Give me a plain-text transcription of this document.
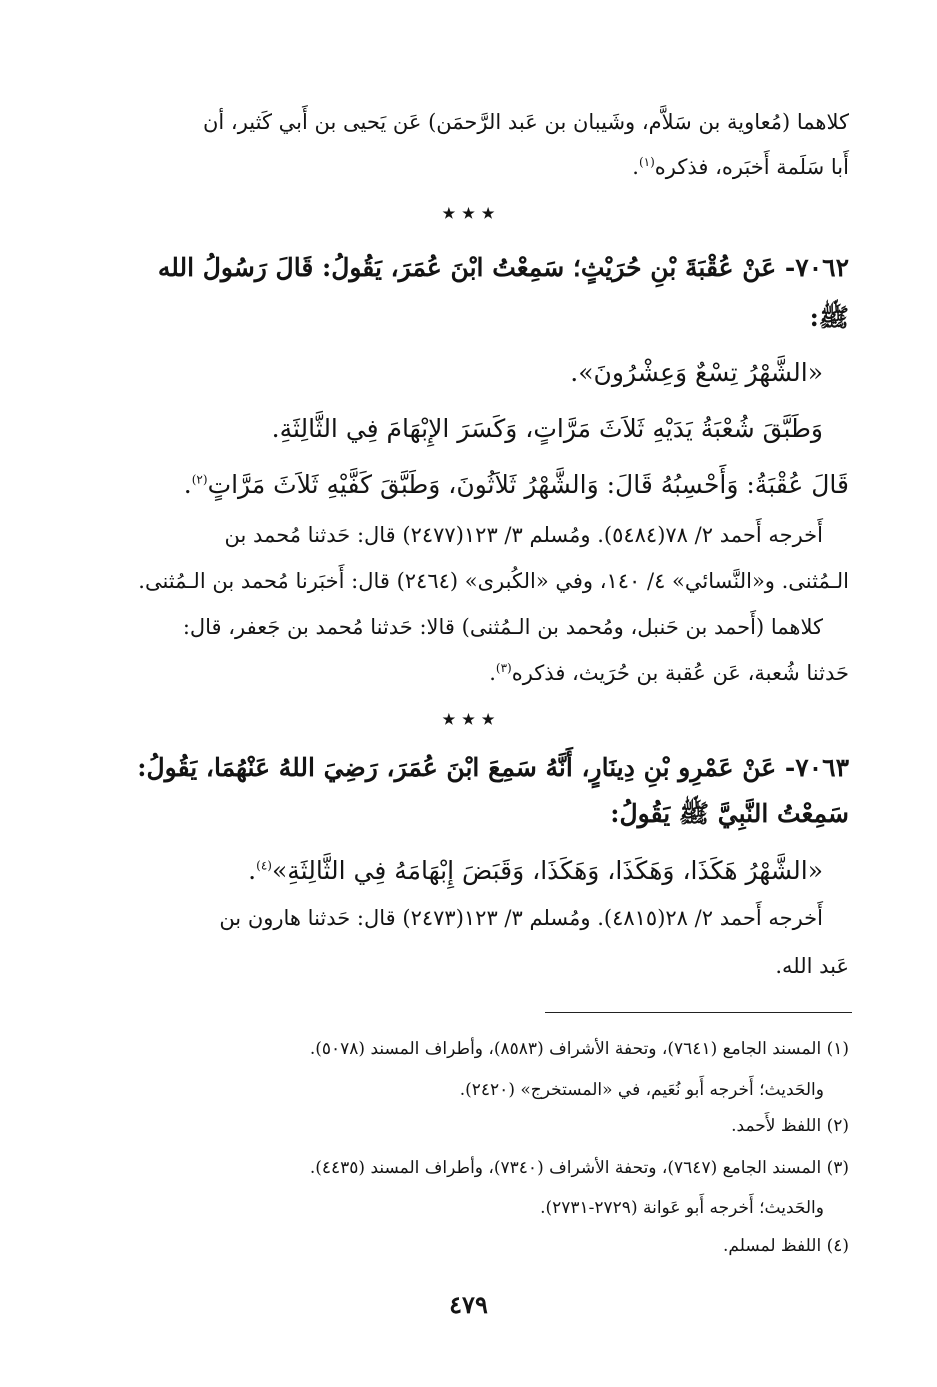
كلاهما (مُعاوية بن سَلاَّم، وشَيبان بن عَبد الرَّحمَن) عَن يَحيى بن أَبي كَثير، أن
أَبا سَلَمة أَخبَره، فذكره$^{(١)}$.
٭ ٭ ٭
٧٠٦٢- عَنْ عُقْبَةَ بْنِ حُرَيْثٍ؛ سَمِعْتُ ابْنَ عُمَرَ، يَقُولُ: قَالَ رَسُولُ الله
ﷺ:
«الشَّهْرُ تِسْعٌ وَعِشْرُونَ».
وَطَبَّقَ شُعْبَةُ يَدَيْهِ ثَلاَثَ مَرَّاتٍ، وَكَسَرَ الإِبْهَامَ فِي الثَّالِثَةِ.
قَالَ عُقْبَةُ: وَأَحْسِبُهُ قَالَ: وَالشَّهْرُ ثَلاَثُونَ، وَطَبَّقَ كَفَّيْهِ ثَلاَثَ مَرَّاتٍ$^{(٢)}$.
أَخرجه أَحمد ٢/ ٧٨(٥٤٨٤). ومُسلم ٣/ ١٢٣(٢٤٧٧) قال: حَدثنا مُحمد بن
الـمُثنى. و«النَّسائي» ٤/ ١٤٠، وفي «الكُبرى» (٢٤٦٤) قال: أَخبَرنا مُحمد بن الـمُثنى.
كلاهما (أَحمد بن حَنبل، ومُحمد بن الـمُثنى) قالا: حَدثنا مُحمد بن جَعفر، قال:
حَدثنا شُعبة، عَن عُقبة بن حُرَيث، فذكره$^{(٣)}$.
٭ ٭ ٭
٧٠٦٣- عَنْ عَمْرِو بْنِ دِينَارٍ، أَنَّهُ سَمِعَ ابْنَ عُمَرَ، رَضِيَ اللهُ عَنْهُمَا، يَقُولُ:
سَمِعْتُ النَّبِيَّ ﷺ يَقُولُ:
«الشَّهْرُ هَكَذَا، وَهَكَذَا، وَهَكَذَا، وَقَبَضَ إِبْهَامَهُ فِي الثَّالِثَةِ»$^{(٤)}$.
أَخرجه أَحمد ٢/ ٢٨(٤٨١٥). ومُسلم ٣/ ١٢٣(٢٤٧٣) قال: حَدثنا هارون بن
عَبد الله.
(١) المسند الجامع (٧٦٤١)، وتحفة الأشراف (٨٥٨٣)، وأطراف المسند (٥٠٧٨).
والحَديث؛ أَخرجه أَبو نُعَيم، في «المستخرج» (٢٤٢٠).
(٢) اللفظ لأَحمد.
(٣) المسند الجامع (٧٦٤٧)، وتحفة الأشراف (٧٣٤٠)، وأطراف المسند (٤٤٣٥).
والحَديث؛ أَخرجه أَبو عَوانة (٢٧٢٩-٢٧٣١).
(٤) اللفظ لمسلم.
٤٧٩
